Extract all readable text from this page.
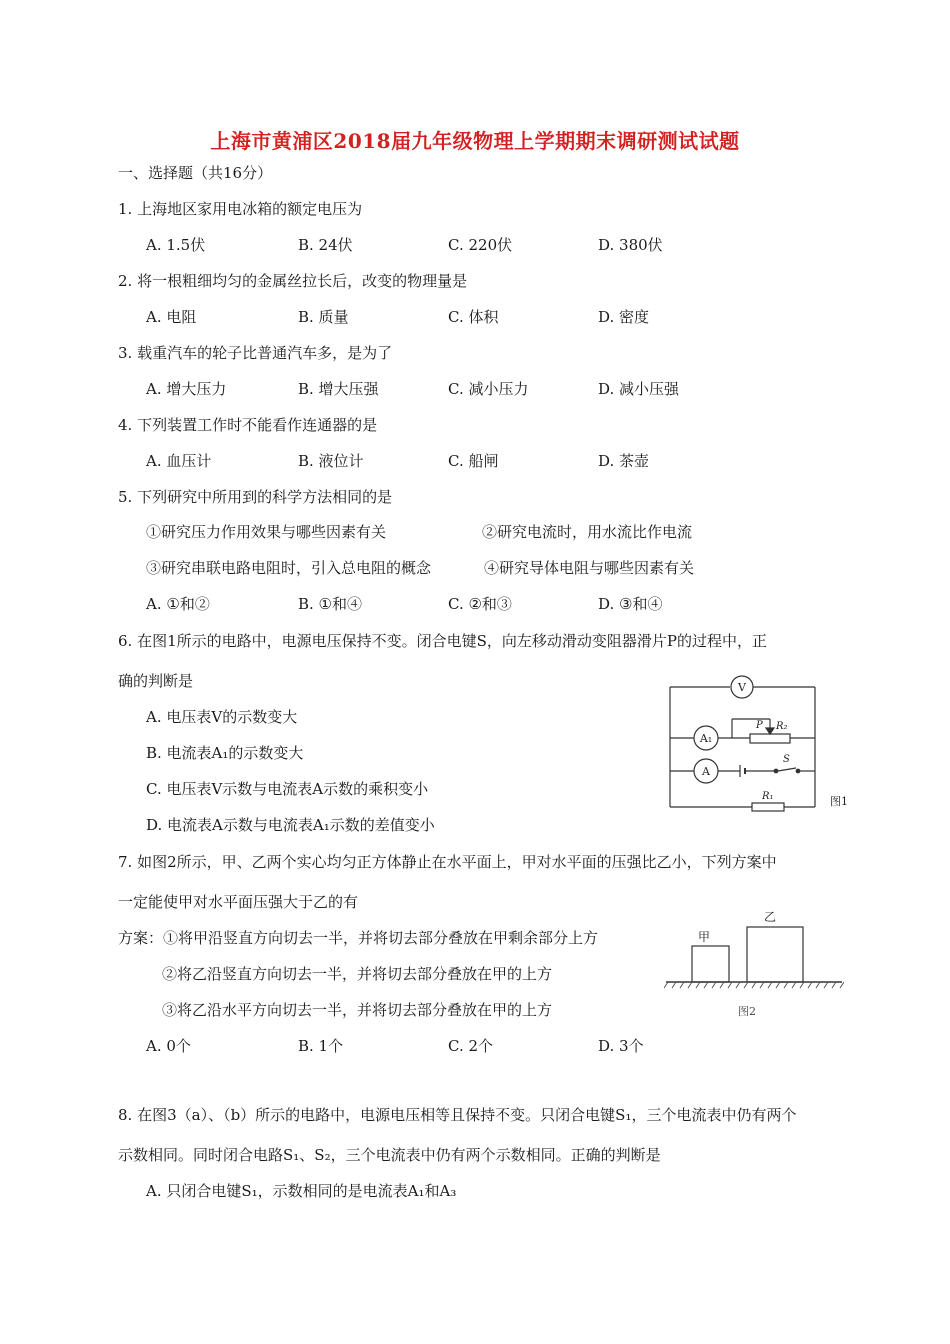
上海市黄浦区2018届九年级物理上学期期末调研测试试题
一、选择题（共16分）
1. 上海地区家用电冰箱的额定电压为
A. 1.5伏	B. 24伏	C. 220伏	D. 380伏
2. 将一根粗细均匀的金属丝拉长后，改变的物理量是
A. 电阻	B. 质量	C. 体积	D. 密度
3. 载重汽车的轮子比普通汽车多，是为了
A. 增大压力	B. 增大压强	C. 减小压力	D. 减小压强
4. 下列装置工作时不能看作连通器的是
A. 血压计	B. 液位计	C. 船闸	D. 茶壶
5. 下列研究中所用到的科学方法相同的是
①研究压力作用效果与哪些因素有关	②研究电流时，用水流比作电流
③研究串联电路电阻时，引入总电阻的概念	④研究导体电阻与哪些因素有关
A. ①和②	B. ①和④	C. ②和③	D. ③和④
6. 在图1所示的电路中，电源电压保持不变。闭合电键S，向左移动滑动变阻器滑片P的过程中，正
确的判断是
A. 电压表V的示数变大
B. 电流表A₁的示数变大
C. 电压表V示数与电流表A示数的乘积变小
D. 电流表A示数与电流表A₁示数的差值变小
V
A₁
A
P R₂
S
R₁	图1
7. 如图2所示，甲、乙两个实心均匀正方体静止在水平面上，甲对水平面的压强比乙小，下列方案中
一定能使甲对水平面压强大于乙的有
方案：①将甲沿竖直方向切去一半，并将切去部分叠放在甲剩余部分上方
②将乙沿竖直方向切去一半，并将切去部分叠放在甲的上方
③将乙沿水平方向切去一半，并将切去部分叠放在甲的上方
A. 0个	B. 1个	C. 2个	D. 3个
甲
乙
图2
8. 在图3（a）、（b）所示的电路中，电源电压相等且保持不变。只闭合电键S₁，三个电流表中仍有两个
示数相同。同时闭合电路S₁、S₂，三个电流表中仍有两个示数相同。正确的判断是
A. 只闭合电键S₁，示数相同的是电流表A₁和A₃
